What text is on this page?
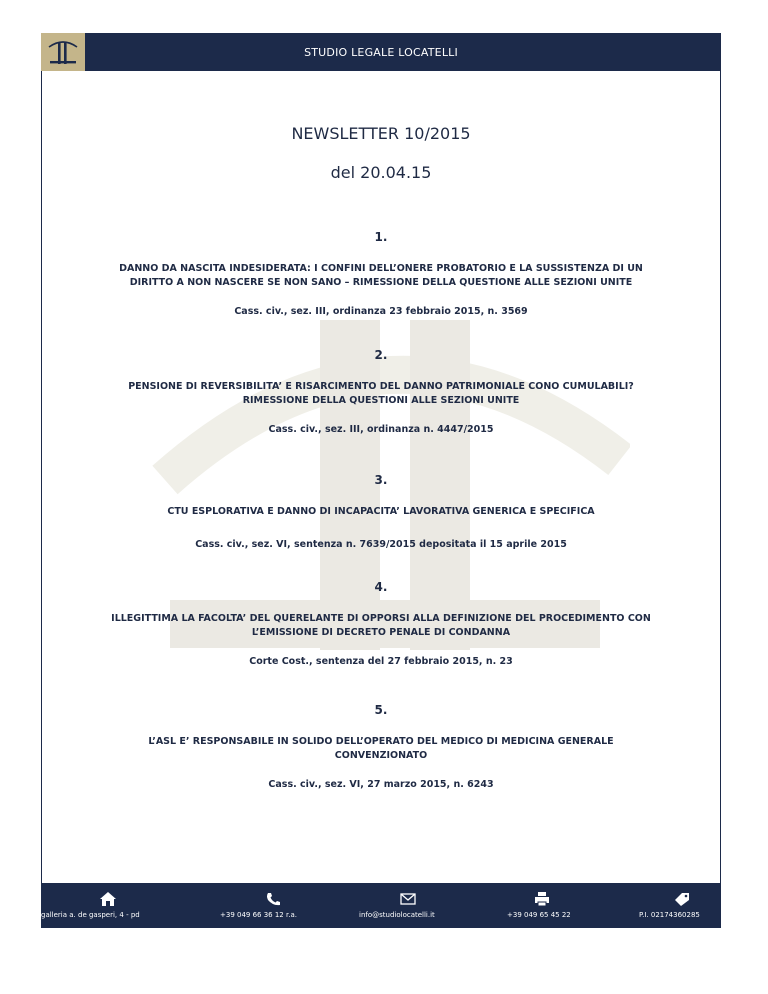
STUDIO LEGALE LOCATELLI
NEWSLETTER 10/2015
del 20.04.15
1.
DANNO DA NASCITA INDESIDERATA: I CONFINI DELL’ONERE PROBATORIO E LA SUSSISTENZA DI UN
DIRITTO A NON NASCERE SE NON SANO – RIMESSIONE DELLA QUESTIONE ALLE SEZIONI UNITE
Cass. civ., sez. III, ordinanza 23 febbraio 2015, n. 3569
2.
PENSIONE DI REVERSIBILITA’ E RISARCIMENTO DEL DANNO PATRIMONIALE CONO CUMULABILI?
RIMESSIONE DELLA QUESTIONI ALLE SEZIONI UNITE
Cass. civ., sez. III, ordinanza n. 4447/2015
3.
CTU ESPLORATIVA E DANNO DI INCAPACITA’ LAVORATIVA GENERICA E SPECIFICA
Cass. civ., sez. VI, sentenza n. 7639/2015 depositata il 15 aprile 2015
4.
ILLEGITTIMA LA FACOLTA’ DEL QUERELANTE DI OPPORSI ALLA DEFINIZIONE DEL PROCEDIMENTO CON
L’EMISSIONE DI DECRETO PENALE DI CONDANNA
Corte Cost., sentenza del 27 febbraio 2015, n. 23
5.
L’ASL E’ RESPONSABILE IN SOLIDO DELL’OPERATO DEL MEDICO DI MEDICINA GENERALE
CONVENZIONATO
Cass. civ., sez. VI, 27 marzo 2015, n. 6243
galleria a. de gasperi, 4 - pd	+39 049 66 36 12 r.a.	info@studiolocatelli.it	+39 049 65 45 22	P.I. 02174360285
